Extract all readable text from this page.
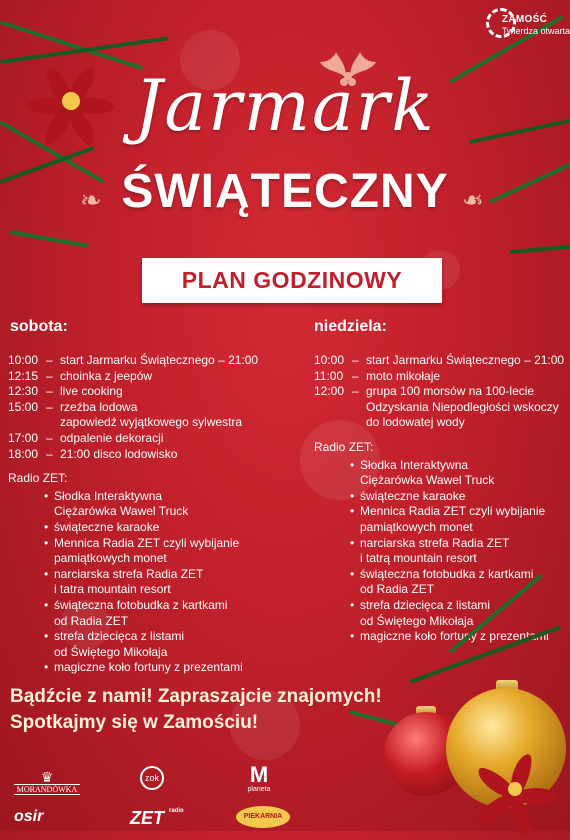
ZAMOŚĆ
Twierdza otwarta
Jarmark
❧ ŚWIĄTECZNY ❧
PLAN GODZINOWY
sobota:
10:00 – start Jarmarku Świątecznego – 21:00
12:15 – choinka z jeepów
12:30 – live cooking
15:00 – rzeźba lodowa
zapowiedź wyjątkowego sylwestra
17:00 – odpalenie dekoracji
18:00 – 21:00 disco lodowisko
Radio ZET:
• Słodka Interaktywna
Ciężarówka Wawel Truck
• świąteczne karaoke
• Mennica Radia ZET czyli wybijanie
pamiątkowych monet
• narciarska strefa Radia ZET
i tatra mountain resort
• świąteczna fotobudka z kartkami
od Radia ZET
• strefa dziecięca z listami
od Świętego Mikołaja
• magiczne koło fortuny z prezentami
niedziela:
10:00 – start Jarmarku Świątecznego – 21:00
11:00 – moto mikołaje
12:00 – grupa 100 morsów na 100-lecie
Odzyskania Niepodległości wskoczy
do lodowatej wody
Radio ZET:
• Słodka Interaktywna
Ciężarówka Wawel Truck
• świąteczne karaoke
• Mennica Radia ZET czyli wybijanie
pamiątkowych monet
• narciarska strefa Radia ZET
i tatrą mountain resort
• świąteczna fotobudka z kartkami
od Radia ZET
• strefa dziecięca z listami
od Świętego Mikołaja
• magiczne koło fortuny z prezentami
Bądźcie z nami! Zapraszajcie znajomych!
Spotkajmy się w Zamościu!
♛
MORANDÓWKA
zok	M
planeta
osir	ZET $^{radio}$
PIEKARNIA
